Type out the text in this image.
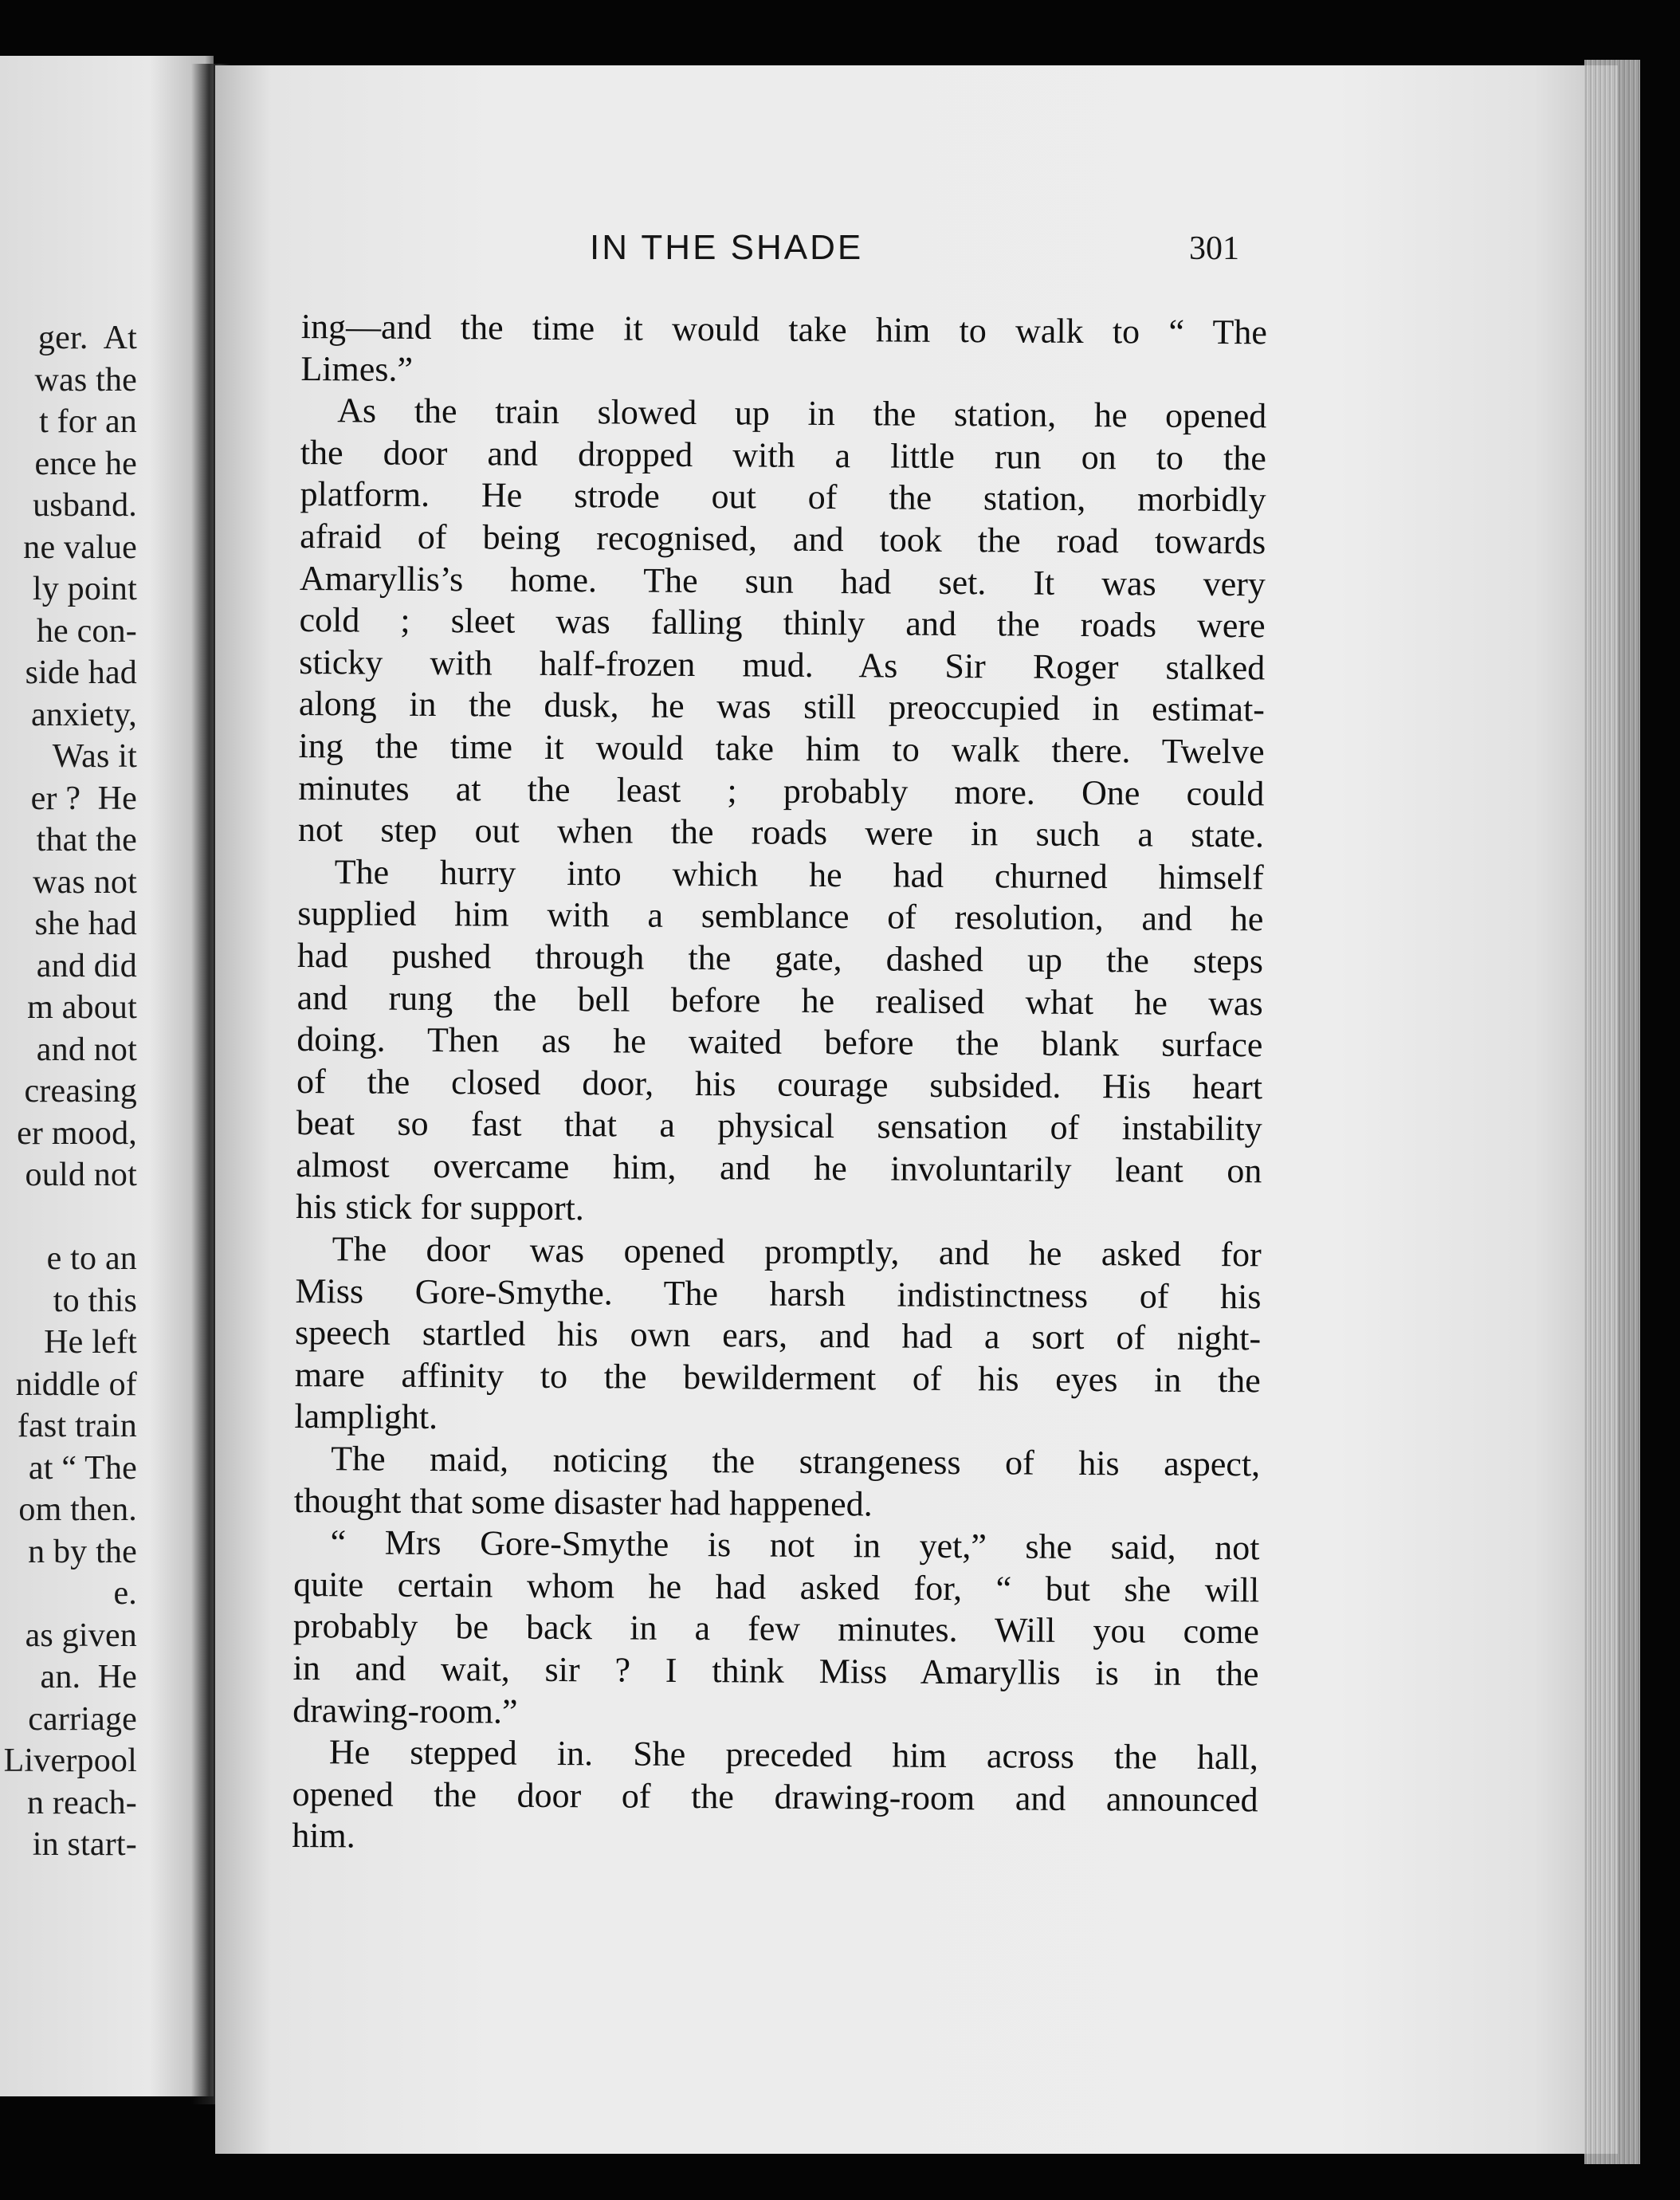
ger.  At
was the
t for an
ence he
usband.
ne value
ly point
he con-
side had
anxiety,
Was it
er ?  He
that the
was not
she had
and did
m about
and not
creasing
er mood,
ould not
e to an
to this
He left
niddle of
fast train
at “ The
om then.
n by the
e.
as given
an.  He
carriage
Liverpool
n reach-
in start-
IN THE SHADE	301
ing—and the time it would take him to walk to “ The
Limes.”
As the train slowed up in the station, he opened
the door and dropped with a little run on to the
platform. He strode out of the station, morbidly
afraid of being recognised, and took the road towards
Amaryllis’s home. The sun had set. It was very
cold ; sleet was falling thinly and the roads were
sticky with half-frozen mud. As Sir Roger stalked
along in the dusk, he was still preoccupied in estimat-
ing the time it would take him to walk there. Twelve
minutes at the least ; probably more. One could
not step out when the roads were in such a state.
The hurry into which he had churned himself
supplied him with a semblance of resolution, and he
had pushed through the gate, dashed up the steps
and rung the bell before he realised what he was
doing. Then as he waited before the blank surface
of the closed door, his courage subsided. His heart
beat so fast that a physical sensation of instability
almost overcame him, and he involuntarily leant on
his stick for support.
The door was opened promptly, and he asked for
Miss Gore-Smythe. The harsh indistinctness of his
speech startled his own ears, and had a sort of night-
mare affinity to the bewilderment of his eyes in the
lamplight.
The maid, noticing the strangeness of his aspect,
thought that some disaster had happened.
“ Mrs Gore-Smythe is not in yet,” she said, not
quite certain whom he had asked for, “ but she will
probably be back in a few minutes. Will you come
in and wait, sir ? I think Miss Amaryllis is in the
drawing-room.”
He stepped in. She preceded him across the hall,
opened the door of the drawing-room and announced
him.
